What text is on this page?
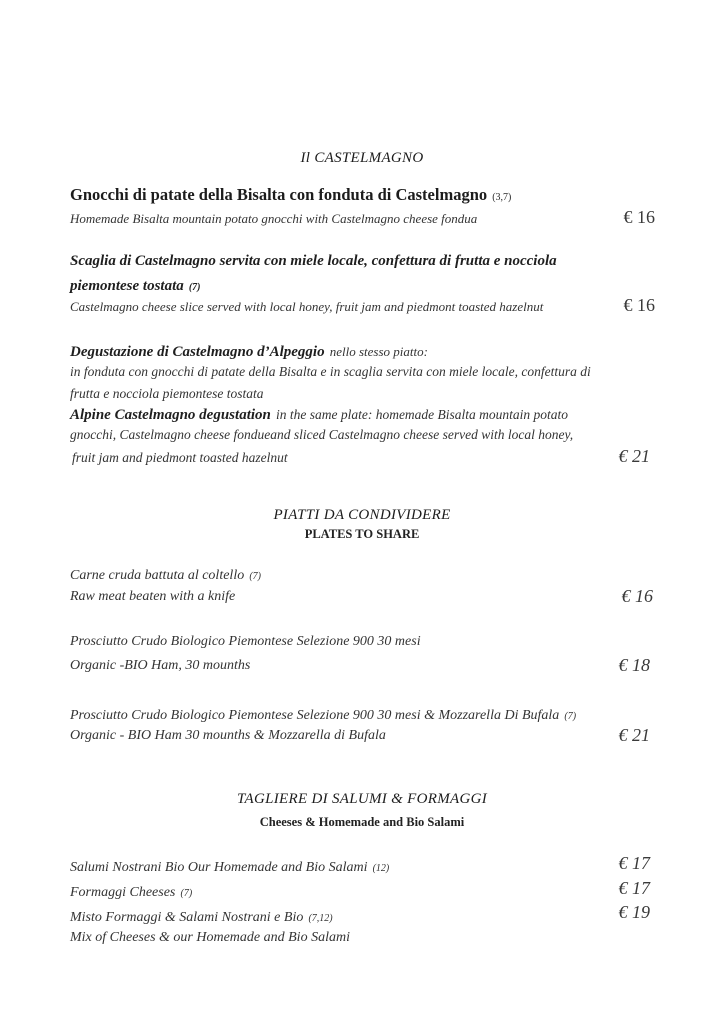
Il CASTELMAGNO
Gnocchi di patate della Bisalta con fonduta di Castelmagno (3,7)
Homemade Bisalta mountain potato gnocchi with Castelmagno cheese fondua	€ 16
Scaglia di Castelmagno servita con miele locale, confettura di frutta e nocciola
piemontese tostata (7)
Castelmagno cheese slice served with local honey, fruit jam and piedmont toasted hazelnut	€ 16
Degustazione di Castelmagno d’Alpeggio nello stesso piatto:
in fonduta con gnocchi di patate della Bisalta e in scaglia servita con miele locale, confettura di
frutta e nocciola piemontese tostata
Alpine Castelmagno degustation in the same plate: homemade Bisalta mountain potato
gnocchi, Castelmagno cheese fondueand sliced Castelmagno cheese served with local honey,
fruit jam and piedmont toasted hazelnut	€ 21
PIATTI DA CONDIVIDERE
PLATES TO SHARE
Carne cruda battuta al coltello (7)
Raw meat beaten with a knife	€ 16
Prosciutto Crudo Biologico Piemontese Selezione 900 30 mesi
Organic -BIO Ham, 30 mounths	€ 18
Prosciutto Crudo Biologico Piemontese Selezione 900 30 mesi & Mozzarella Di Bufala (7)
Organic - BIO Ham 30 mounths & Mozzarella di Bufala	€ 21
TAGLIERE DI SALUMI & FORMAGGI
Cheeses & Homemade and Bio Salami
Salumi Nostrani Bio Our Homemade and Bio Salami (12)	€ 17
Formaggi Cheeses (7)	€ 17
Misto Formaggi & Salami Nostrani e Bio (7,12)	€ 19
Mix of Cheeses & our Homemade and Bio Salami
